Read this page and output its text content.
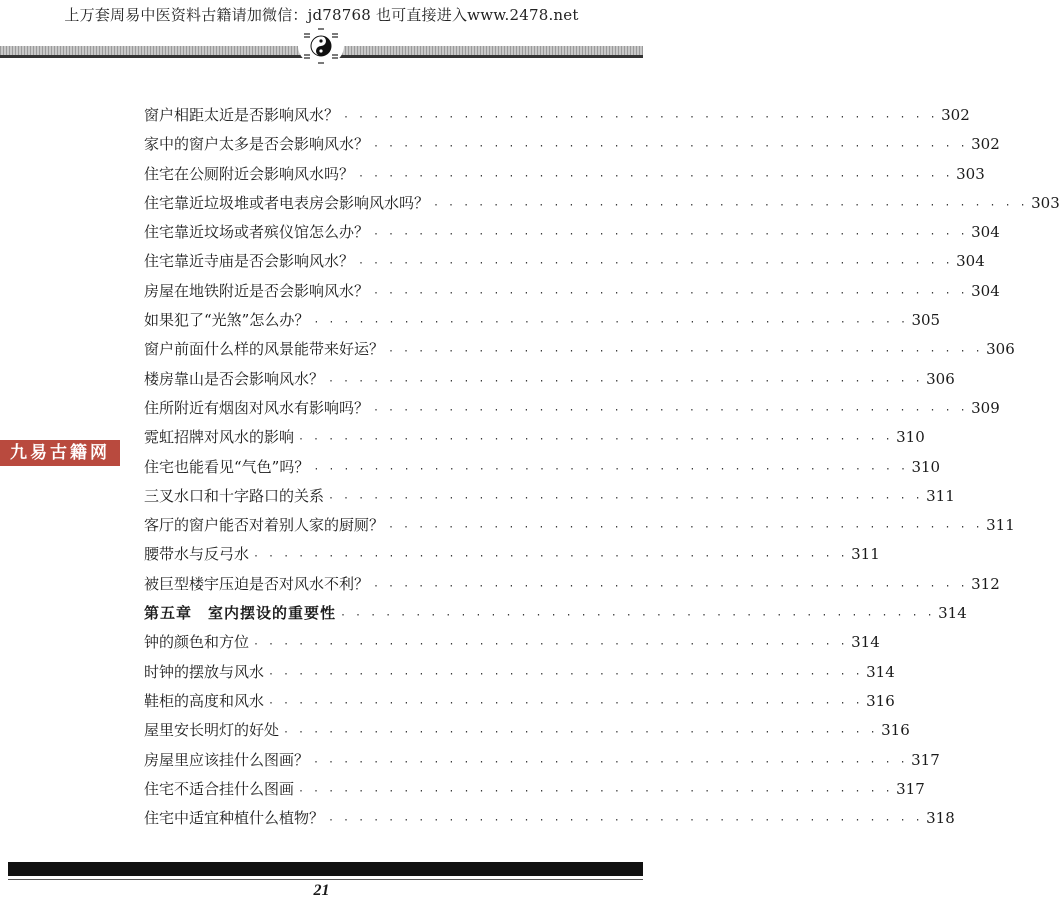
上万套周易中医资料古籍请加微信：jd78768 也可直接进入www.2478.net
九易古籍网
窗户相距太近是否影响风水？ · · · · · · · · · · · · · · · · · · · · · · · · · · · · · · · · · · · · · · · · 302
家中的窗户太多是否会影响风水？ · · · · · · · · · · · · · · · · · · · · · · · · · · · · · · · · · · · · · · · · 302
住宅在公厕附近会影响风水吗？ · · · · · · · · · · · · · · · · · · · · · · · · · · · · · · · · · · · · · · · · 303
住宅靠近垃圾堆或者电表房会影响风水吗？ · · · · · · · · · · · · · · · · · · · · · · · · · · · · · · · · · · · · · · · · 303
住宅靠近坟场或者殡仪馆怎么办？ · · · · · · · · · · · · · · · · · · · · · · · · · · · · · · · · · · · · · · · · 304
住宅靠近寺庙是否会影响风水？ · · · · · · · · · · · · · · · · · · · · · · · · · · · · · · · · · · · · · · · · 304
房屋在地铁附近是否会影响风水？ · · · · · · · · · · · · · · · · · · · · · · · · · · · · · · · · · · · · · · · · 304
如果犯了“光煞”怎么办？ · · · · · · · · · · · · · · · · · · · · · · · · · · · · · · · · · · · · · · · · 305
窗户前面什么样的风景能带来好运？ · · · · · · · · · · · · · · · · · · · · · · · · · · · · · · · · · · · · · · · · 306
楼房靠山是否会影响风水？ · · · · · · · · · · · · · · · · · · · · · · · · · · · · · · · · · · · · · · · · 306
住所附近有烟囱对风水有影响吗？ · · · · · · · · · · · · · · · · · · · · · · · · · · · · · · · · · · · · · · · · 309
霓虹招牌对风水的影响 · · · · · · · · · · · · · · · · · · · · · · · · · · · · · · · · · · · · · · · · 310
住宅也能看见“气色”吗？ · · · · · · · · · · · · · · · · · · · · · · · · · · · · · · · · · · · · · · · · 310
三叉水口和十字路口的关系 · · · · · · · · · · · · · · · · · · · · · · · · · · · · · · · · · · · · · · · · 311
客厅的窗户能否对着别人家的厨厕？ · · · · · · · · · · · · · · · · · · · · · · · · · · · · · · · · · · · · · · · · 311
腰带水与反弓水 · · · · · · · · · · · · · · · · · · · · · · · · · · · · · · · · · · · · · · · · 311
被巨型楼宇压迫是否对风水不利？ · · · · · · · · · · · · · · · · · · · · · · · · · · · · · · · · · · · · · · · · 312
第五章　室内摆设的重要性 · · · · · · · · · · · · · · · · · · · · · · · · · · · · · · · · · · · · · · · · 314
钟的颜色和方位 · · · · · · · · · · · · · · · · · · · · · · · · · · · · · · · · · · · · · · · · 314
时钟的摆放与风水 · · · · · · · · · · · · · · · · · · · · · · · · · · · · · · · · · · · · · · · · 314
鞋柜的高度和风水 · · · · · · · · · · · · · · · · · · · · · · · · · · · · · · · · · · · · · · · · 316
屋里安长明灯的好处 · · · · · · · · · · · · · · · · · · · · · · · · · · · · · · · · · · · · · · · · 316
房屋里应该挂什么图画？ · · · · · · · · · · · · · · · · · · · · · · · · · · · · · · · · · · · · · · · · 317
住宅不适合挂什么图画 · · · · · · · · · · · · · · · · · · · · · · · · · · · · · · · · · · · · · · · · 317
住宅中适宜种植什么植物？ · · · · · · · · · · · · · · · · · · · · · · · · · · · · · · · · · · · · · · · · 318
21
